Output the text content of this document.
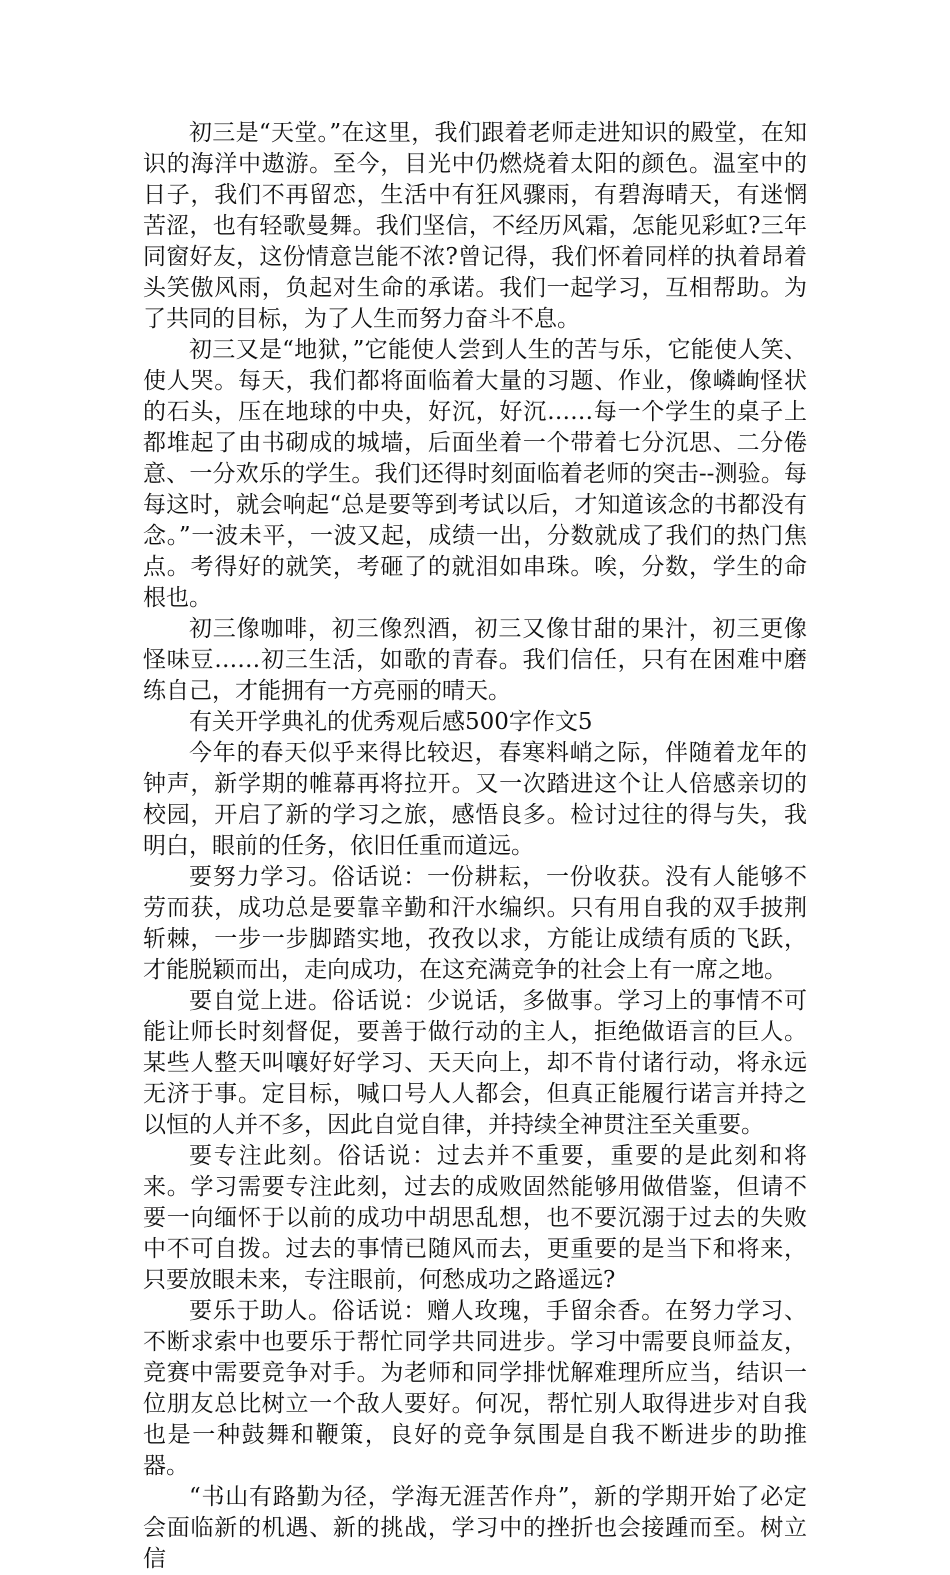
初三是“天堂。”在这里，我们跟着老师走进知识的殿堂，在知识的海洋中遨游。至今，目光中仍燃烧着太阳的颜色。温室中的日子，我们不再留恋，生活中有狂风骤雨，有碧海晴天，有迷惘苦涩，也有轻歌曼舞。我们坚信，不经历风霜，怎能见彩虹?三年同窗好友，这份情意岂能不浓?曾记得，我们怀着同样的执着昂着头笑傲风雨，负起对生命的承诺。我们一起学习，互相帮助。为了共同的目标，为了人生而努力奋斗不息。

初三又是“地狱，”它能使人尝到人生的苦与乐，它能使人笑、使人哭。每天，我们都将面临着大量的习题、作业，像嶙峋怪状的石头，压在地球的中央，好沉，好沉……每一个学生的桌子上都堆起了由书砌成的城墙，后面坐着一个带着七分沉思、二分倦意、一分欢乐的学生。我们还得时刻面临着老师的突击--测验。每每这时，就会响起“总是要等到考试以后，才知道该念的书都没有念。”一波未平，一波又起，成绩一出，分数就成了我们的热门焦点。考得好的就笑，考砸了的就泪如串珠。唉，分数，学生的命根也。

初三像咖啡，初三像烈酒，初三又像甘甜的果汁，初三更像怪味豆……初三生活，如歌的青春。我们信任，只有在困难中磨练自己，才能拥有一方亮丽的晴天。

有关开学典礼的优秀观后感500字作文5

今年的春天似乎来得比较迟，春寒料峭之际，伴随着龙年的钟声，新学期的帷幕再将拉开。又一次踏进这个让人倍感亲切的校园，开启了新的学习之旅，感悟良多。检讨过往的得与失，我明白，眼前的任务，依旧任重而道远。

要努力学习。俗话说：一份耕耘，一份收获。没有人能够不劳而获，成功总是要靠辛勤和汗水编织。只有用自我的双手披荆斩棘，一步一步脚踏实地，孜孜以求，方能让成绩有质的飞跃，才能脱颖而出，走向成功，在这充满竞争的社会上有一席之地。

要自觉上进。俗话说：少说话，多做事。学习上的事情不可能让师长时刻督促，要善于做行动的主人，拒绝做语言的巨人。某些人整天叫嚷好好学习、天天向上，却不肯付诸行动，将永远无济于事。定目标，喊口号人人都会，但真正能履行诺言并持之以恒的人并不多，因此自觉自律，并持续全神贯注至关重要。

要专注此刻。俗话说：过去并不重要，重要的是此刻和将来。学习需要专注此刻，过去的成败固然能够用做借鉴，但请不要一向缅怀于以前的成功中胡思乱想，也不要沉溺于过去的失败中不可自拨。过去的事情已随风而去，更重要的是当下和将来，只要放眼未来，专注眼前，何愁成功之路遥远?

要乐于助人。俗话说：赠人玫瑰，手留余香。在努力学习、不断求索中也要乐于帮忙同学共同进步。学习中需要良师益友，竞赛中需要竞争对手。为老师和同学排忧解难理所应当，结识一位朋友总比树立一个敌人要好。何况，帮忙别人取得进步对自我也是一种鼓舞和鞭策，良好的竞争氛围是自我不断进步的助推器。

“书山有路勤为径，学海无涯苦作舟”，新的学期开始了必定会面临新的机遇、新的挑战，学习中的挫折也会接踵而至。树立信
